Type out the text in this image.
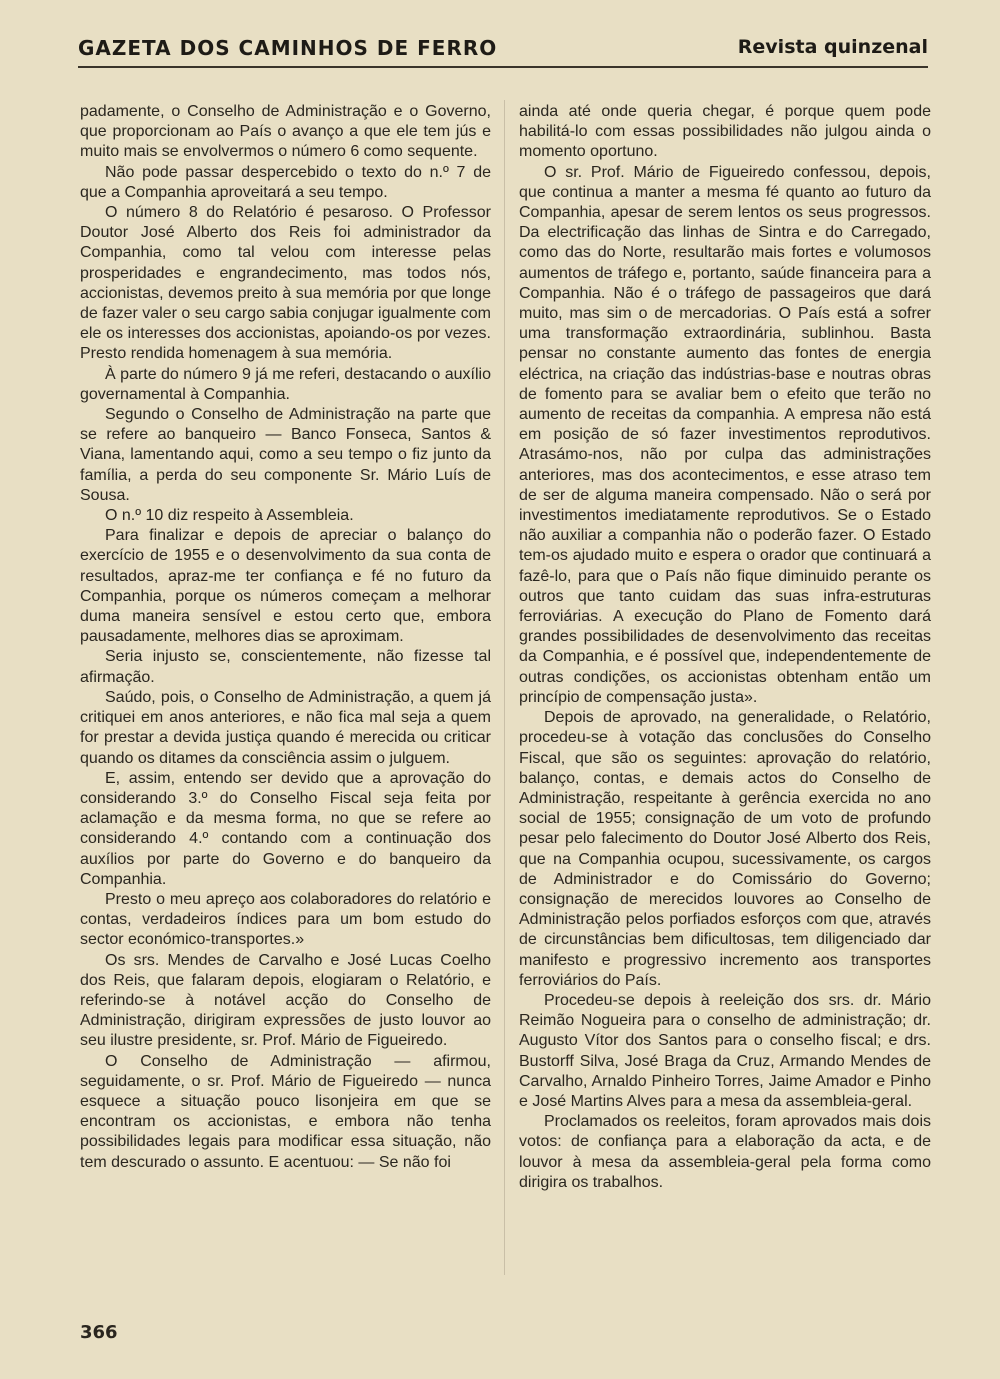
GAZETA DOS CAMINHOS DE FERRO	Revista quinzenal

padamente, o Conselho de Administração e o Governo, que proporcionam ao País o avanço a que ele tem jús e muito mais se envolvermos o número 6 como sequente.

Não pode passar despercebido o texto do n.º 7 de que a Companhia aproveitará a seu tempo.

O número 8 do Relatório é pesaroso. O Professor Doutor José Alberto dos Reis foi administrador da Companhia, como tal velou com interesse pelas prosperidades e engrandecimento, mas todos nós, accionistas, devemos preito à sua memória por que longe de fazer valer o seu cargo sabia conjugar igualmente com ele os interesses dos accionistas, apoiando-os por vezes. Presto rendida homenagem à sua memória.

À parte do número 9 já me referi, destacando o auxílio governamental à Companhia.

Segundo o Conselho de Administração na parte que se refere ao banqueiro — Banco Fonseca, Santos & Viana, lamentando aqui, como a seu tempo o fiz junto da família, a perda do seu componente Sr. Mário Luís de Sousa.

O n.º 10 diz respeito à Assembleia.

Para finalizar e depois de apreciar o balanço do exercício de 1955 e o desenvolvimento da sua conta de resultados, apraz-me ter confiança e fé no futuro da Companhia, porque os números começam a melhorar duma maneira sensível e estou certo que, embora pausadamente, melhores dias se aproximam.

Seria injusto se, conscientemente, não fizesse tal afirmação.

Saúdo, pois, o Conselho de Administração, a quem já critiquei em anos anteriores, e não fica mal seja a quem for prestar a devida justiça quando é merecida ou criticar quando os ditames da consciência assim o julguem.

E, assim, entendo ser devido que a aprovação do considerando 3.º do Conselho Fiscal seja feita por aclamação e da mesma forma, no que se refere ao considerando 4.º contando com a continuação dos auxílios por parte do Governo e do banqueiro da Companhia.

Presto o meu apreço aos colaboradores do relatório e contas, verdadeiros índices para um bom estudo do sector económico-transportes.»

Os srs. Mendes de Carvalho e José Lucas Coelho dos Reis, que falaram depois, elogiaram o Relatório, e referindo-se à notável acção do Conselho de Administração, dirigiram expressões de justo louvor ao seu ilustre presidente, sr. Prof. Mário de Figueiredo.

O Conselho de Administração — afirmou, seguidamente, o sr. Prof. Mário de Figueiredo — nunca esquece a situação pouco lisonjeira em que se encontram os accionistas, e embora não tenha possibilidades legais para modificar essa situação, não tem descurado o assunto. E acentuou: — Se não foi

ainda até onde queria chegar, é porque quem pode habilitá-lo com essas possibilidades não julgou ainda o momento oportuno.

O sr. Prof. Mário de Figueiredo confessou, depois, que continua a manter a mesma fé quanto ao futuro da Companhia, apesar de serem lentos os seus progressos. Da electrificação das linhas de Sintra e do Carregado, como das do Norte, resultarão mais fortes e volumosos aumentos de tráfego e, portanto, saúde financeira para a Companhia. Não é o tráfego de passageiros que dará muito, mas sim o de mercadorias. O País está a sofrer uma transformação extraordinária, sublinhou. Basta pensar no constante aumento das fontes de energia eléctrica, na criação das indústrias-base e noutras obras de fomento para se avaliar bem o efeito que terão no aumento de receitas da companhia. A empresa não está em posição de só fazer investimentos reprodutivos. Atrasámo-nos, não por culpa das administrações anteriores, mas dos acontecimentos, e esse atraso tem de ser de alguma maneira compensado. Não o será por investimentos imediatamente reprodutivos. Se o Estado não auxiliar a companhia não o poderão fazer. O Estado tem-os ajudado muito e espera o orador que continuará a fazê-lo, para que o País não fique diminuido perante os outros que tanto cuidam das suas infra-estruturas ferroviárias. A execução do Plano de Fomento dará grandes possibilidades de desenvolvimento das receitas da Companhia, e é possível que, independentemente de outras condições, os accionistas obtenham então um princípio de compensação justa».

Depois de aprovado, na generalidade, o Relatório, procedeu-se à votação das conclusões do Conselho Fiscal, que são os seguintes: aprovação do relatório, balanço, contas, e demais actos do Conselho de Administração, respeitante à gerência exercida no ano social de 1955; consignação de um voto de profundo pesar pelo falecimento do Doutor José Alberto dos Reis, que na Companhia ocupou, sucessivamente, os cargos de Administrador e do Comissário do Governo; consignação de merecidos louvores ao Conselho de Administração pelos porfiados esforços com que, através de circunstâncias bem dificultosas, tem diligenciado dar manifesto e progressivo incremento aos transportes ferroviários do País.

Procedeu-se depois à reeleição dos srs. dr. Mário Reimão Nogueira para o conselho de administração; dr. Augusto Vítor dos Santos para o conselho fiscal; e drs. Bustorff Silva, José Braga da Cruz, Armando Mendes de Carvalho, Arnaldo Pinheiro Torres, Jaime Amador e Pinho e José Martins Alves para a mesa da assembleia-geral.

Proclamados os reeleitos, foram aprovados mais dois votos: de confiança para a elaboração da acta, e de louvor à mesa da assembleia-geral pela forma como dirigira os trabalhos.

366
